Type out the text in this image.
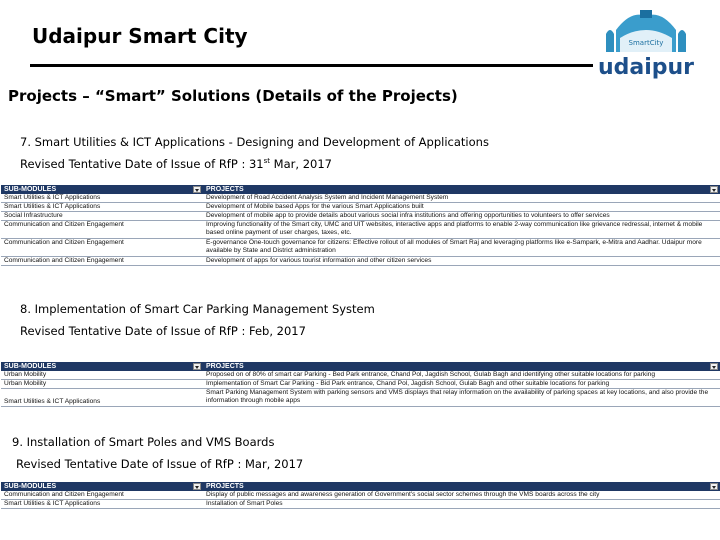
Udaipur Smart City	SmartCity
udaipur
Projects – “Smart” Solutions (Details of the Projects)
7. Smart Utilities & ICT Applications - Designing and Development of Applications
Revised Tentative Date of Issue of RfP : 31st Mar, 2017
SUB-MODULES	PROJECTS

Smart Utilities & ICT Applications	Development of Road Accident Analysis System and Incident Management System
Smart Utilities & ICT Applications	Development of Mobile based Apps for the various Smart Applications built
Social Infrastructure	Development of mobile app to provide details about various social infra institutions and offering opportunities to volunteers to offer services
Communication and Citizen Engagement	Improving functionality of the Smart city, UMC and UIT websites, interactive apps and platforms to enable 2-way communication like grievance redressal, internet & mobile based online payment of user charges, taxes, etc.
Communication and Citizen Engagement	E-governance One-touch governance for citizens: Effective rollout of all modules of Smart Raj and leveraging platforms like e-Sampark, e-Mitra and Aadhar. Udaipur more available by State and District administration
Communication and Citizen Engagement	Development of apps for various tourist information and other citizen services
8. Implementation of Smart Car Parking Management System
Revised Tentative Date of Issue of RfP : Feb, 2017
SUB-MODULES	PROJECTS

Urban Mobility	Proposed on of 80% of smart car Parking - Bed Park entrance, Chand Pol, Jagdish School, Gulab Bagh and identifying other suitable locations for parking
Urban Mobility	Implementation of Smart Car Parking - Bid Park entrance, Chand Pol, Jagdish School, Gulab Bagh and other suitable locations for parking
Smart Utilities & ICT Applications	Smart Parking Management System with parking sensors and VMS displays that relay information on the availability of parking spaces at key locations, and also provide the information through mobile apps
9. Installation of Smart Poles and VMS Boards
Revised Tentative Date of Issue of RfP : Mar, 2017
SUB-MODULES	PROJECTS

Communication and Citizen Engagement	Display of public messages and awareness generation of Government's social sector schemes through the VMS boards across the city
Smart Utilities & ICT Applications	Installation of Smart Poles
